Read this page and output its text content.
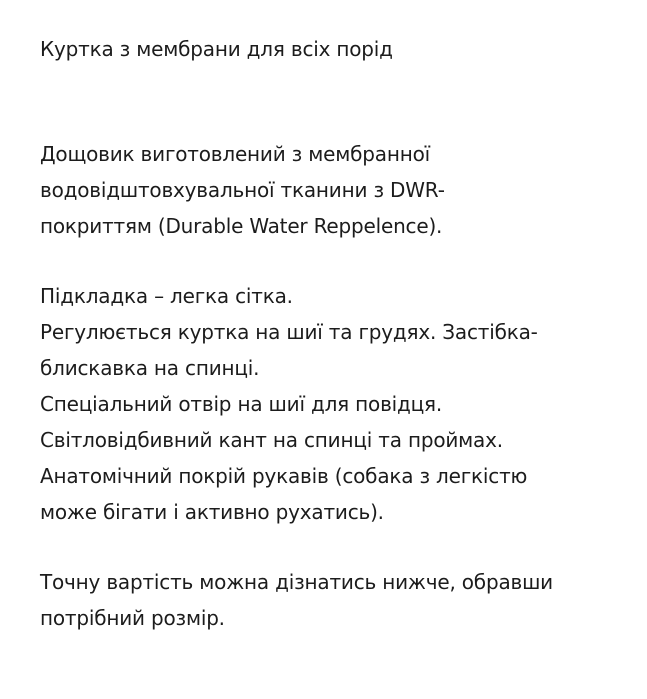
Куртка з мембрани для всіх порід

Дощовик виготовлений з мембранної
водовідштовхувальної тканини з DWR-
покриттям (Durable Water Reppelence).

Підкладка – легка сітка.
Регулюється куртка на шиї та грудях. Застібка-
блискавка на спинці.
Спеціальний отвір на шиї для повідця.
Світловідбивний кант на спинці та проймах.
Анатомічний покрій рукавів (собака з легкістю
може бігати і активно рухатись).

Точну вартість можна дізнатись нижче, обравши
потрібний розмір.
